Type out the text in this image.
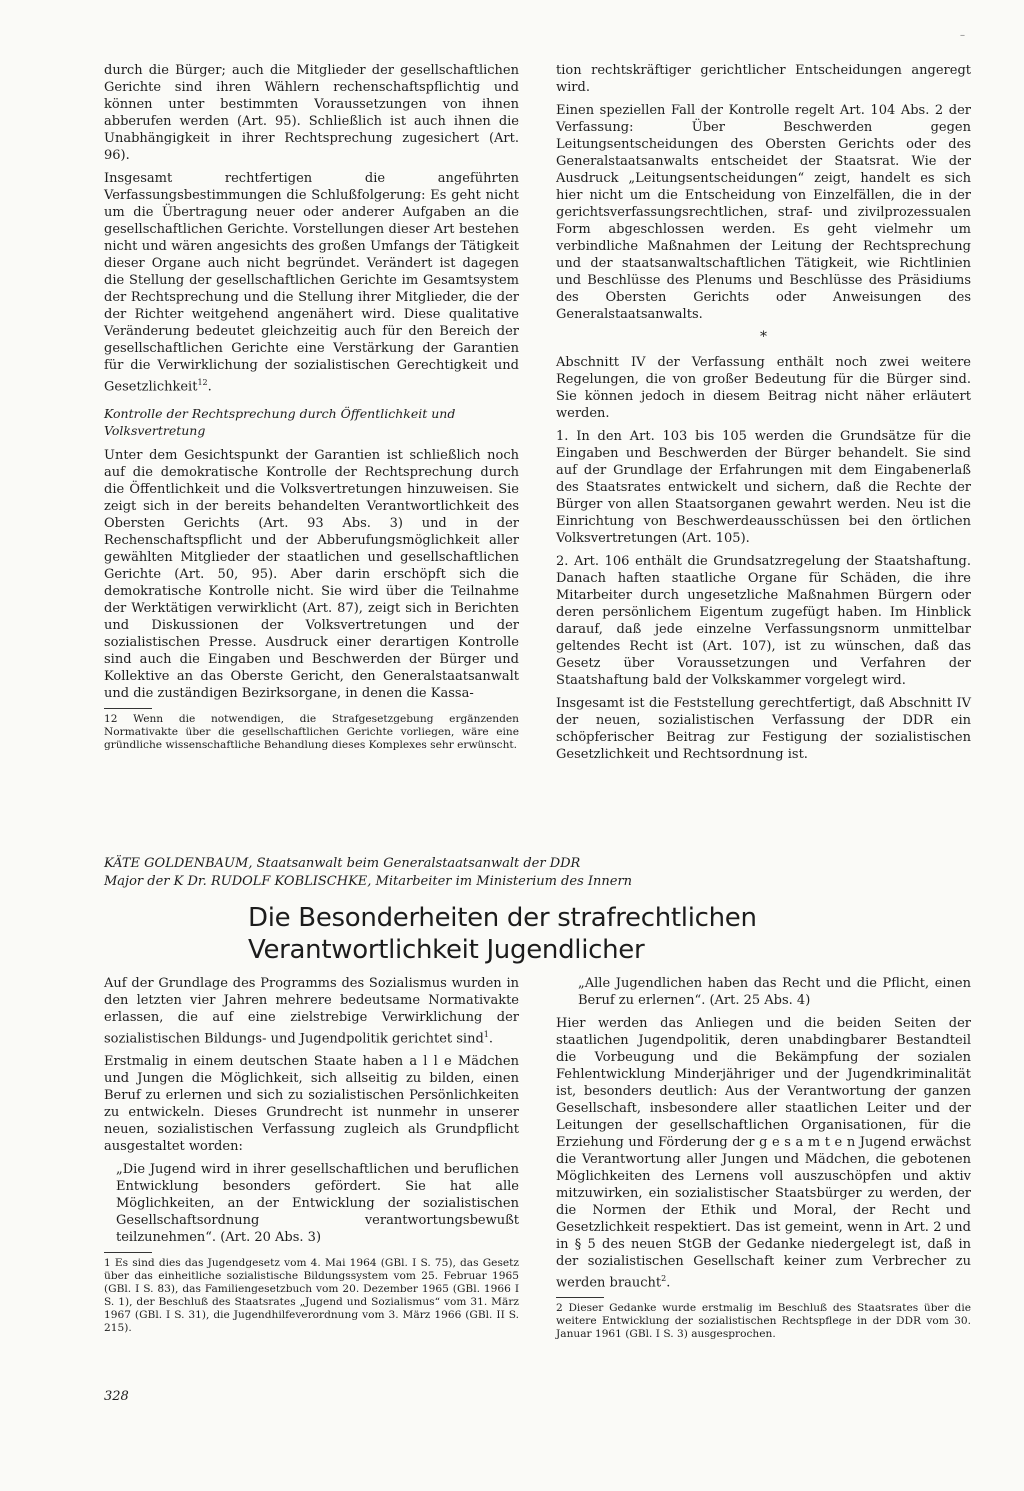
–

durch die Bürger; auch die Mitglieder der gesellschaftlichen Gerichte sind ihren Wählern rechenschaftspflichtig und können unter bestimmten Voraussetzungen von ihnen abberufen werden (Art. 95). Schließlich ist auch ihnen die Unabhängigkeit in ihrer Rechtsprechung zugesichert (Art. 96).

Insgesamt rechtfertigen die angeführten Verfassungsbestimmungen die Schlußfolgerung: Es geht nicht um die Übertragung neuer oder anderer Aufgaben an die gesellschaftlichen Gerichte. Vorstellungen dieser Art bestehen nicht und wären angesichts des großen Umfangs der Tätigkeit dieser Organe auch nicht begründet. Verändert ist dagegen die Stellung der gesellschaftlichen Gerichte im Gesamtsystem der Rechtsprechung und die Stellung ihrer Mitglieder, die der der Richter weitgehend angenähert wird. Diese qualitative Veränderung bedeutet gleichzeitig auch für den Bereich der gesellschaftlichen Gerichte eine Verstärkung der Garantien für die Verwirklichung der sozialistischen Gerechtigkeit und Gesetzlichkeit$^{12}$.

Kontrolle der Rechtsprechung durch Öffentlichkeit und Volksvertretung

Unter dem Gesichtspunkt der Garantien ist schließlich noch auf die demokratische Kontrolle der Rechtsprechung durch die Öffentlichkeit und die Volksvertretungen hinzuweisen. Sie zeigt sich in der bereits behandelten Verantwortlichkeit des Obersten Gerichts (Art. 93 Abs. 3) und in der Rechenschaftspflicht und der Abberufungsmöglichkeit aller gewählten Mitglieder der staatlichen und gesellschaftlichen Gerichte (Art. 50, 95). Aber darin erschöpft sich die demokratische Kontrolle nicht. Sie wird über die Teilnahme der Werktätigen verwirklicht (Art. 87), zeigt sich in Berichten und Diskussionen der Volksvertretungen und der sozialistischen Presse. Ausdruck einer derartigen Kontrolle sind auch die Eingaben und Beschwerden der Bürger und Kollektive an das Oberste Gericht, den Generalstaatsanwalt und die zuständigen Bezirksorgane, in denen die Kassa-

12 Wenn die notwendigen, die Strafgesetzgebung ergänzenden Normativakte über die gesellschaftlichen Gerichte vorliegen, wäre eine gründliche wissenschaftliche Behandlung dieses Komplexes sehr erwünscht.

tion rechtskräftiger gerichtlicher Entscheidungen angeregt wird.

Einen speziellen Fall der Kontrolle regelt Art. 104 Abs. 2 der Verfassung: Über Beschwerden gegen Leitungsentscheidungen des Obersten Gerichts oder des Generalstaatsanwalts entscheidet der Staatsrat. Wie der Ausdruck „Leitungsentscheidungen“ zeigt, handelt es sich hier nicht um die Entscheidung von Einzelfällen, die in der gerichtsverfassungsrechtlichen, straf- und zivilprozessualen Form abgeschlossen werden. Es geht vielmehr um verbindliche Maßnahmen der Leitung der Rechtsprechung und der staatsanwaltschaftlichen Tätigkeit, wie Richtlinien und Beschlüsse des Plenums und Beschlüsse des Präsidiums des Obersten Gerichts oder Anweisungen des Generalstaatsanwalts.

*

Abschnitt IV der Verfassung enthält noch zwei weitere Regelungen, die von großer Bedeutung für die Bürger sind. Sie können jedoch in diesem Beitrag nicht näher erläutert werden.

1. In den Art. 103 bis 105 werden die Grundsätze für die Eingaben und Beschwerden der Bürger behandelt. Sie sind auf der Grundlage der Erfahrungen mit dem Eingabenerlaß des Staatsrates entwickelt und sichern, daß die Rechte der Bürger von allen Staatsorganen gewahrt werden. Neu ist die Einrichtung von Beschwerdeausschüssen bei den örtlichen Volksvertretungen (Art. 105).

2. Art. 106 enthält die Grundsatzregelung der Staatshaftung. Danach haften staatliche Organe für Schäden, die ihre Mitarbeiter durch ungesetzliche Maßnahmen Bürgern oder deren persönlichem Eigentum zugefügt haben. Im Hinblick darauf, daß jede einzelne Verfassungsnorm unmittelbar geltendes Recht ist (Art. 107), ist zu wünschen, daß das Gesetz über Voraussetzungen und Verfahren der Staatshaftung bald der Volkskammer vorgelegt wird.

Insgesamt ist die Feststellung gerechtfertigt, daß Abschnitt IV der neuen, sozialistischen Verfassung der DDR ein schöpferischer Beitrag zur Festigung der sozialistischen Gesetzlichkeit und Rechtsordnung ist.

KÄTE GOLDENBAUM, Staatsanwalt beim Generalstaatsanwalt der DDR
Major der K Dr. RUDOLF KOBLISCHKE, Mitarbeiter im Ministerium des Innern
Die Besonderheiten der strafrechtlichen
Verantwortlichkeit Jugendlicher

Auf der Grundlage des Programms des Sozialismus wurden in den letzten vier Jahren mehrere bedeutsame Normativakte erlassen, die auf eine zielstrebige Verwirklichung der sozialistischen Bildungs- und Jugendpolitik gerichtet sind$^1$.

Erstmalig in einem deutschen Staate haben a l l e Mädchen und Jungen die Möglichkeit, sich allseitig zu bilden, einen Beruf zu erlernen und sich zu sozialistischen Persönlichkeiten zu entwickeln. Dieses Grundrecht ist nunmehr in unserer neuen, sozialistischen Verfassung zugleich als Grundpflicht ausgestaltet worden:

„Die Jugend wird in ihrer gesellschaftlichen und beruflichen Entwicklung besonders gefördert. Sie hat alle Möglichkeiten, an der Entwicklung der sozialistischen Gesellschaftsordnung verantwortungsbewußt teilzunehmen“. (Art. 20 Abs. 3)

1 Es sind dies das Jugendgesetz vom 4. Mai 1964 (GBl. I S. 75), das Gesetz über das einheitliche sozialistische Bildungssystem vom 25. Februar 1965 (GBl. I S. 83), das Familiengesetzbuch vom 20. Dezember 1965 (GBl. 1966 I S. 1), der Beschluß des Staatsrates „Jugend und Sozialismus“ vom 31. März 1967 (GBl. I S. 31), die Jugendhilfeverordnung vom 3. März 1966 (GBl. II S. 215).

„Alle Jugendlichen haben das Recht und die Pflicht, einen Beruf zu erlernen“. (Art. 25 Abs. 4)

Hier werden das Anliegen und die beiden Seiten der staatlichen Jugendpolitik, deren unabdingbarer Bestandteil die Vorbeugung und die Bekämpfung der sozialen Fehlentwicklung Minderjähriger und der Jugendkriminalität ist, besonders deutlich: Aus der Verantwortung der ganzen Gesellschaft, insbesondere aller staatlichen Leiter und der Leitungen der gesellschaftlichen Organisationen, für die Erziehung und Förderung der g e s a m t e n Jugend erwächst die Verantwortung aller Jungen und Mädchen, die gebotenen Möglichkeiten des Lernens voll auszuschöpfen und aktiv mitzuwirken, ein sozialistischer Staatsbürger zu werden, der die Normen der Ethik und Moral, der Recht und Gesetzlichkeit respektiert. Das ist gemeint, wenn in Art. 2 und in § 5 des neuen StGB der Gedanke niedergelegt ist, daß in der sozialistischen Gesellschaft keiner zum Verbrecher zu werden braucht$^2$.

2 Dieser Gedanke wurde erstmalig im Beschluß des Staatsrates über die weitere Entwicklung der sozialistischen Rechtspflege in der DDR vom 30. Januar 1961 (GBl. I S. 3) ausgesprochen.

328
